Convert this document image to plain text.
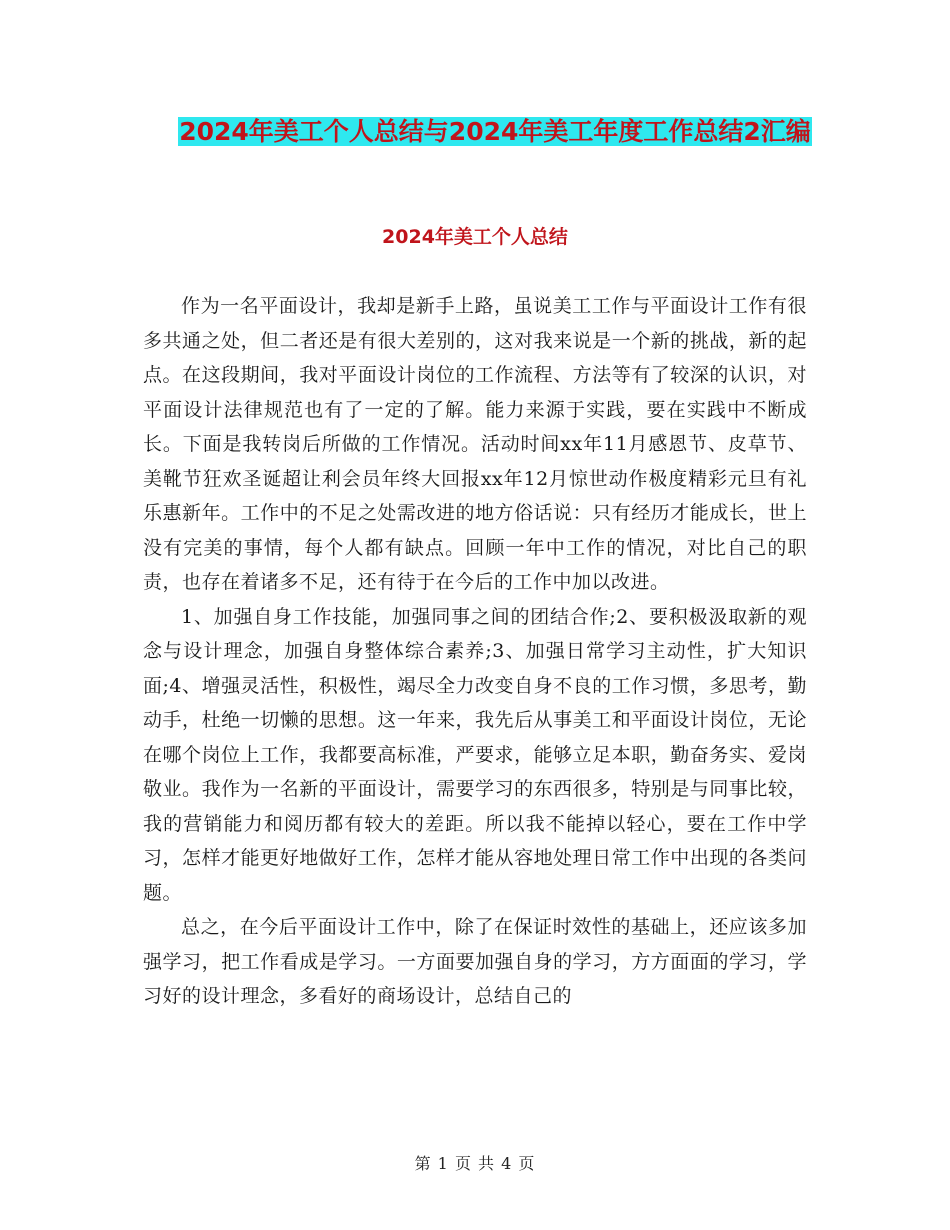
2024年美工个人总结与2024年美工年度工作总结2汇编
2024年美工个人总结

作为一名平面设计，我却是新手上路，虽说美工工作与平面设计工作有很多共通之处，但二者还是有很大差别的，这对我来说是一个新的挑战，新的起点。在这段期间，我对平面设计岗位的工作流程、方法等有了较深的认识，对平面设计法律规范也有了一定的了解。能力来源于实践，要在实践中不断成长。下面是我转岗后所做的工作情况。活动时间xx年11月感恩节、皮草节、美靴节狂欢圣诞超让利会员年终大回报xx年12月惊世动作极度精彩元旦有礼乐惠新年。工作中的不足之处需改进的地方俗话说：只有经历才能成长，世上没有完美的事情，每个人都有缺点。回顾一年中工作的情况，对比自己的职责，也存在着诸多不足，还有待于在今后的工作中加以改进。

1、加强自身工作技能，加强同事之间的团结合作;2、要积极汲取新的观念与设计理念，加强自身整体综合素养;3、加强日常学习主动性，扩大知识面;4、增强灵活性，积极性，竭尽全力改变自身不良的工作习惯，多思考，勤动手，杜绝一切懒的思想。这一年来，我先后从事美工和平面设计岗位，无论在哪个岗位上工作，我都要高标准，严要求，能够立足本职，勤奋务实、爱岗敬业。我作为一名新的平面设计，需要学习的东西很多，特别是与同事比较，我的营销能力和阅历都有较大的差距。所以我不能掉以轻心，要在工作中学习，怎样才能更好地做好工作，怎样才能从容地处理日常工作中出现的各类问题。

总之，在今后平面设计工作中，除了在保证时效性的基础上，还应该多加强学习，把工作看成是学习。一方面要加强自身的学习，方方面面的学习，学习好的设计理念，多看好的商场设计，总结自己的

第 1 页 共 4 页
